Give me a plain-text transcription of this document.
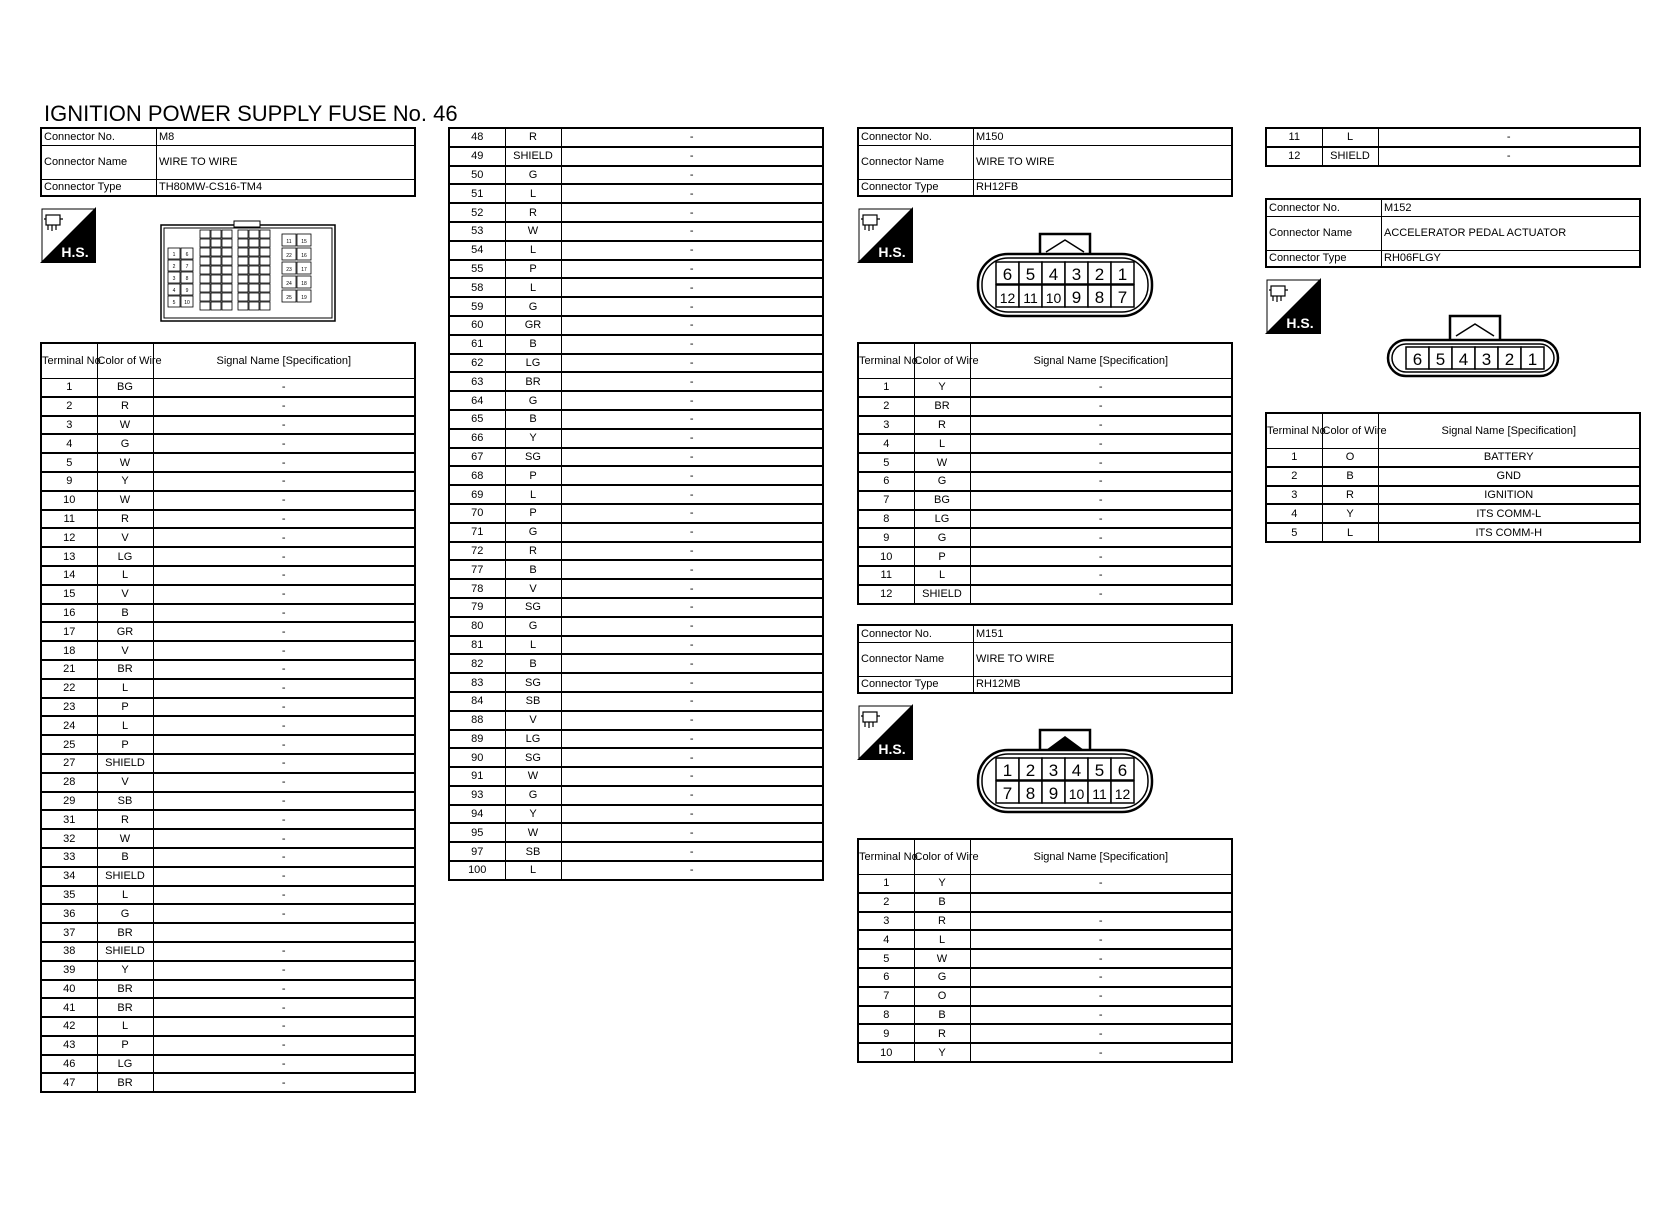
IGNITION POWER SUPPLY FUSE No. 46
Connector No.	M8
Connector Name	WIRE TO WIRE
Connector Type	TH80MW-CS16-TM4
H.S.	1 6
2 7
3 8
4 9
5 10
11 15
22 16
23 17
24 18
25 19
Terminal No.	Color of Wire	Signal Name [Specification]
1	BG	-
2	R	-
3	W	-
4	G	-
5	W	-
9	Y	-
10	W	-
11	R	-
12	V	-
13	LG	-
14	L	-
15	V	-
16	B	-
17	GR	-
18	V	-
21	BR	-
22	L	-
23	P	-
24	L	-
25	P	-
27	SHIELD	-
28	V	-
29	SB	-
31	R	-
32	W	-
33	B	-
34	SHIELD	-
35	L	-
36	G	-
37	BR	
38	SHIELD	-
39	Y	-
40	BR	-
41	BR	-
42	L	-
43	P	-
46	LG	-
47	BR	-
48	R	-
49	SHIELD	-
50	G	-
51	L	-
52	R	-
53	W	-
54	L	-
55	P	-
58	L	-
59	G	-
60	GR	-
61	B	-
62	LG	-
63	BR	-
64	G	-
65	B	-
66	Y	-
67	SG	-
68	P	-
69	L	-
70	P	-
71	G	-
72	R	-
77	B	-
78	V	-
79	SG	-
80	G	-
81	L	-
82	B	-
83	SG	-
84	SB	-
88	V	-
89	LG	-
90	SG	-
91	W	-
93	G	-
94	Y	-
95	W	-
97	SB	-
100	L	-
Connector No.	M150
Connector Name	WIRE TO WIRE
Connector Type	RH12FB
H.S.
6 5 4 3 2 1
12 11 10 9 8 7
Terminal No.	Color of Wire	Signal Name [Specification]
1	Y	-
2	BR	-
3	R	-
4	L	-
5	W	-
6	G	-
7	BG	-
8	LG	-
9	G	-
10	P	-
11	L	-
12	SHIELD	-
Connector No.	M151
Connector Name	WIRE TO WIRE
Connector Type	RH12MB
H.S.
1 2 3 4 5 6
7 8 9 10 11 12
Terminal No.	Color of Wire	Signal Name [Specification]
1	Y	-
2	B	
3	R	-
4	L	-
5	W	-
6	G	-
7	O	-
8	B	-
9	R	-
10	Y	-
11	L	-
12	SHIELD	-
Connector No.	M152
Connector Name	ACCELERATOR PEDAL ACTUATOR
Connector Type	RH06FLGY
H.S.
6 5 4 3 2 1
Terminal No.	Color of Wire	Signal Name [Specification]
1	O	BATTERY
2	B	GND
3	R	IGNITION
4	Y	ITS COMM-L
5	L	ITS COMM-H
